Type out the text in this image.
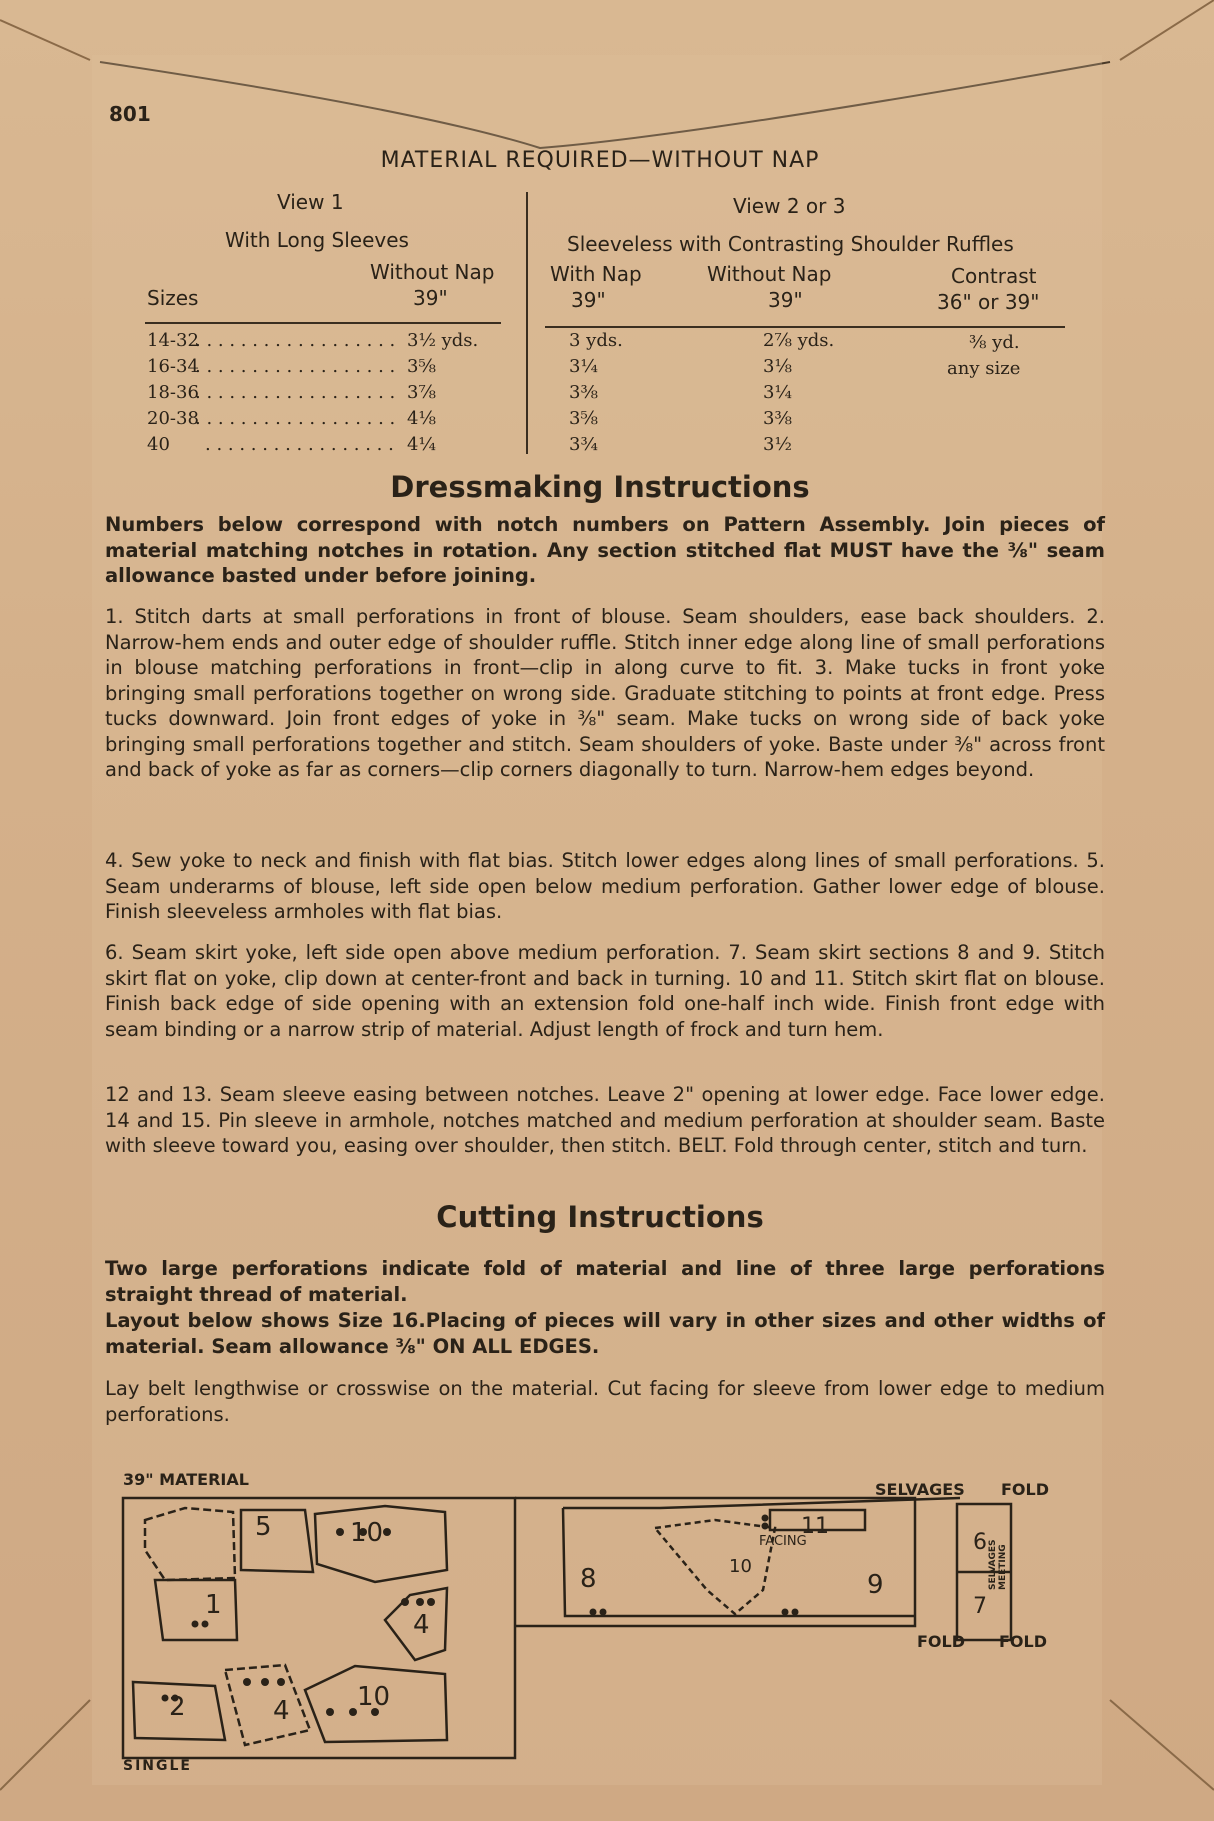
801
MATERIAL REQUIRED—WITHOUT NAP
View 1
With Long Sleeves
Without Nap
39"
Sizes
View 2 or 3
Sleeveless with Contrasting Shoulder Ruffles
With Nap
39"
Without Nap
39"
Contrast
36" or 39"
14-32
. . . . . . . . . . . . . . . . . . 3½ yds.	3 yds.	2⅞ yds.	⅜ yd.
16-34
. . . . . . . . . . . . . . . . . . 3⅝	3¼	3⅛	any size
18-36
. . . . . . . . . . . . . . . . . . 3⅞	3⅜	3¼
20-38
. . . . . . . . . . . . . . . . . . 4⅛	3⅝	3⅜
40 . . . . . . . . . . . . . . . . . 4¼	3¾	3½
Dressmaking Instructions
Numbers below correspond with notch numbers on Pattern Assembly. Join pieces of material matching notches in rotation. Any section stitched flat MUST have the ⅜" seam allowance basted under before joining.
1. Stitch darts at small perforations in front of blouse. Seam shoulders, ease back shoulders. 2. Narrow-hem ends and outer edge of shoulder ruffle. Stitch inner edge along line of small perforations in blouse matching perforations in front—clip in along curve to fit. 3. Make tucks in front yoke bringing small perforations together on wrong side. Graduate stitching to points at front edge. Press tucks downward. Join front edges of yoke in ⅜" seam. Make tucks on wrong side of back yoke bringing small perforations together and stitch. Seam shoulders of yoke. Baste under ⅜" across front and back of yoke as far as corners—clip corners diagonally to turn. Narrow-hem edges beyond.
4. Sew yoke to neck and finish with flat bias. Stitch lower edges along lines of small perforations. 5. Seam underarms of blouse, left side open below medium perforation. Gather lower edge of blouse. Finish sleeveless armholes with flat bias.
6. Seam skirt yoke, left side open above medium perforation. 7. Seam skirt sections 8 and 9. Stitch skirt flat on yoke, clip down at center-front and back in turning. 10 and 11. Stitch skirt flat on blouse. Finish back edge of side opening with an extension fold one-half inch wide. Finish front edge with seam binding or a narrow strip of material. Adjust length of frock and turn hem.
12 and 13. Seam sleeve easing between notches. Leave 2" opening at lower edge. Face lower edge. 14 and 15. Pin sleeve in armhole, notches matched and medium perforation at shoulder seam. Baste with sleeve toward you, easing over shoulder, then stitch. BELT. Fold through center, stitch and turn.
Cutting Instructions
Two large perforations indicate fold of material and line of three large perforations straight thread of material.
Layout below shows Size 16.Placing of pieces will vary in other sizes and other widths of material. Seam allowance ⅜" ON ALL EDGES.
Lay belt lengthwise or crosswise on the material. Cut facing for sleeve from lower edge to medium perforations.
39" MATERIAL
SELVAGES FOLD
FOLD FOLD
SINGLE
5	10
1
4
2	4	10
8	10
11
9
6
7
FACING	SELVAGES MEETING
